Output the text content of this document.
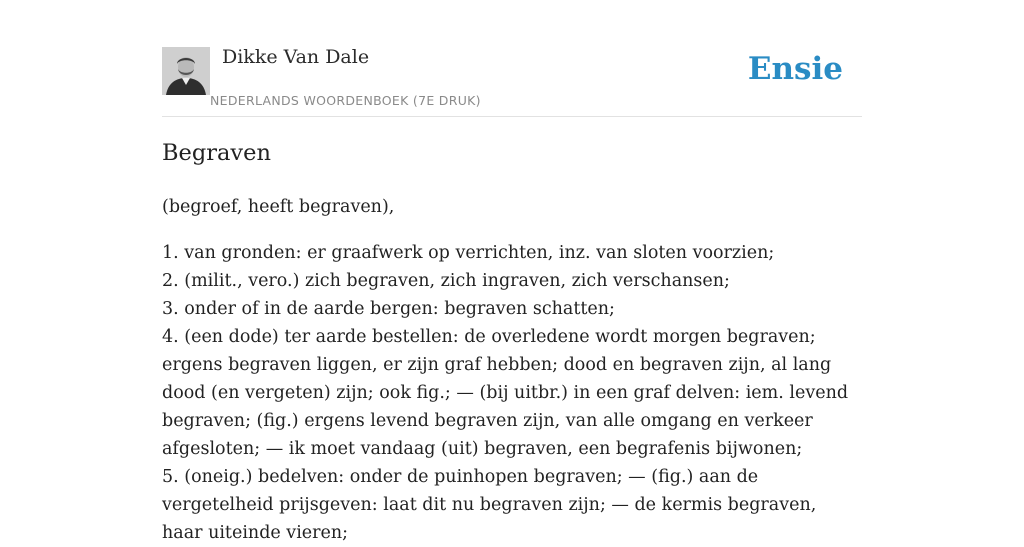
Dikke Van Dale
NEDERLANDS WOORDENBOEK (7E DRUK)
Ensie
Begraven

(begroef, heeft begraven),

1. van gronden: er graafwerk op verrichten, inz. van sloten voorzien;

2. (milit., vero.) zich begraven, zich ingraven, zich verschansen;

3. onder of in de aarde bergen: begraven schatten;

4. (een dode) ter aarde bestellen: de overledene wordt morgen begraven; ergens begraven liggen, er zijn graf hebben; dood en begraven zijn, al lang dood (en vergeten) zijn; ook fig.; — (bij uitbr.) in een graf delven: iem. levend begraven; (fig.) ergens levend begraven zijn, van alle omgang en verkeer afgesloten; — ik moet vandaag (uit) begraven, een begrafenis bijwonen;

5. (oneig.) bedelven: onder de puinhopen begraven; — (fig.) aan de vergetelheid prijsgeven: laat dit nu begraven zijn; — de kermis begraven, haar uiteinde vieren;
